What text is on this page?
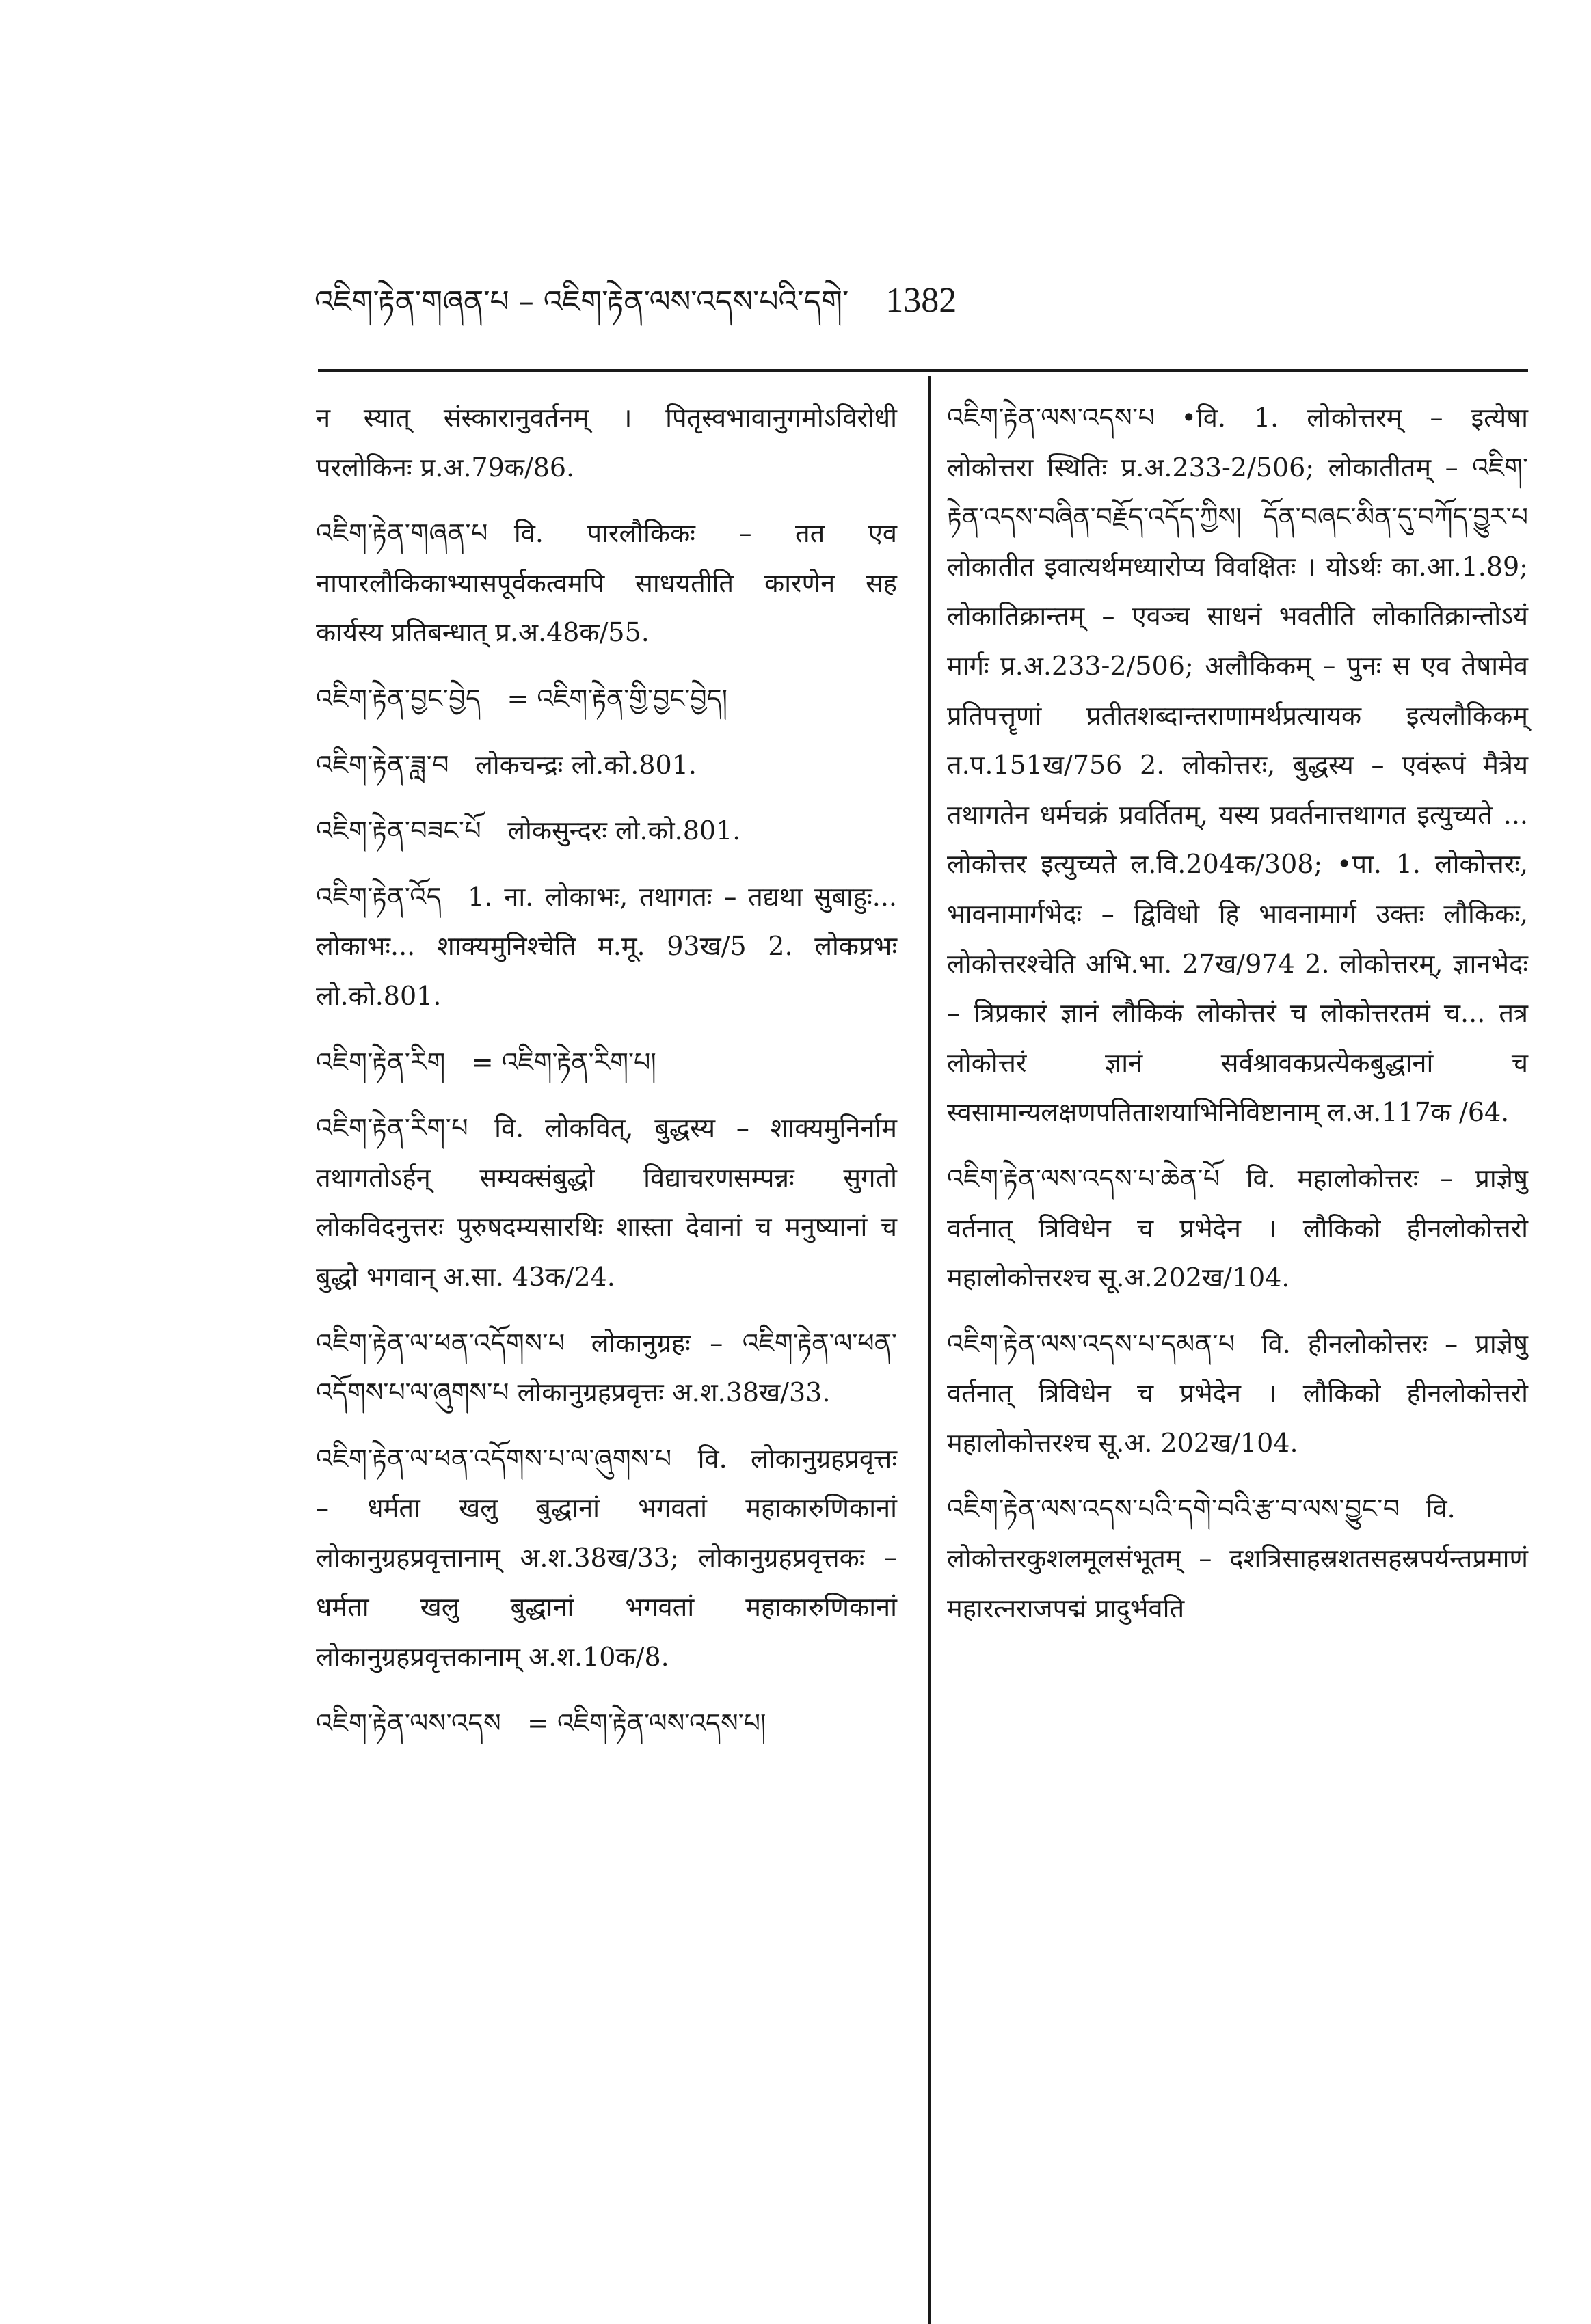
འཇིག་རྟེན་གཞན་པ – འཇིག་རྟེན་ལས་འདས་པའི་དགེ་ 1382

न स्यात् संस्कारानुवर्तनम् । पितृस्वभावानुगमोऽविरोधी परलोकिनः प्र.अ.79क/86.

འཇིག་རྟེན་གཞན་པ  वि. पारलौकिकः – तत एव नापारलौकिकाभ्यासपूर्वकत्वमपि साधयतीति कारणेन सह कार्यस्य प्रतिबन्धात् प्र.अ.48क/55.

འཇིག་རྟེན་བྱང་བྱེད  = འཇིག་རྟེན་གྱི་བྱང་བྱེད།

འཇིག་རྟེན་ཟླ་བ  लोकचन्द्रः लो.को.801.

འཇིག་རྟེན་བཟང་པོ  लोकसुन्दरः लो.को.801.

འཇིག་རྟེན་འོད  1. ना. लोकाभः, तथागतः – तद्यथा सुबाहुः... लोकाभः... शाक्यमुनिश्चेति म.मू. 93ख/5 2. लोकप्रभः लो.को.801.

འཇིག་རྟེན་རིག  = འཇིག་རྟེན་རིག་པ།

འཇིག་རྟེན་རིག་པ  वि. लोकवित्, बुद्धस्य – शाक्यमुनिर्नाम तथागतोऽर्हन् सम्यक्संबुद्धो विद्याचरणसम्पन्नः सुगतो लोकविदनुत्तरः पुरुषदम्यसारथिः शास्ता देवानां च मनुष्यानां च बुद्धो भगवान् अ.सा. 43क/24.

འཇིག་རྟེན་ལ་ཕན་འདོགས་པ  लोकानुग्रहः – འཇིག་རྟེན་ལ་ཕན་འདོགས་པ་ལ་ཞུགས་པ लोकानुग्रहप्रवृत्तः अ.श.38ख/33.

འཇིག་རྟེན་ལ་ཕན་འདོགས་པ་ལ་ཞུགས་པ  वि. लोकानुग्रहप्रवृत्तः – धर्मता खलु बुद्धानां भगवतां महाकारुणिकानां लोकानुग्रहप्रवृत्तानाम् अ.श.38ख/33; लोकानुग्रहप्रवृत्तकः – धर्मता खलु बुद्धानां भगवतां महाकारुणिकानां लोकानुग्रहप्रवृत्तकानाम् अ.श.10क/8.

འཇིག་རྟེན་ལས་འདས  = འཇིག་རྟེན་ལས་འདས་པ།

འཇིག་རྟེན་ལས་འདས་པ  •वि. 1. लोकोत्तरम् – इत्येषा लोकोत्तरा स्थितिः प्र.अ.233-2/506; लोकातीतम् – འཇིག་རྟེན་འདས་བཞིན་བརྗོད་འདོད་ཀྱིས། དོན་བཞང་མིན་དུ་བཀོད་བྱུར་པ लोकातीत इवात्यर्थमध्यारोप्य विवक्षितः । योऽर्थः का.आ.1.89; लोकातिक्रान्तम् – एवञ्च साधनं भवतीति लोकातिक्रान्तोऽयं मार्गः प्र.अ.233-2/506; अलौकिकम् – पुनः स एव तेषामेव प्रतिपत्तॄणां प्रतीतशब्दान्तराणामर्थप्रत्यायक इत्यलौकिकम् त.प.151ख/756 2. लोकोत्तरः, बुद्धस्य – एवंरूपं मैत्रेय तथागतेन धर्मचक्रं प्रवर्तितम्, यस्य प्रवर्तनात्तथागत इत्युच्यते ... लोकोत्तर इत्युच्यते ल.वि.204क/308; •पा. 1. लोकोत्तरः, भावनामार्गभेदः – द्विविधो हि भावनामार्ग उक्तः लौकिकः, लोकोत्तरश्चेति अभि.भा. 27ख/974 2. लोकोत्तरम्, ज्ञानभेदः – त्रिप्रकारं ज्ञानं लौकिकं लोकोत्तरं च लोकोत्तरतमं च... तत्र लोकोत्तरं ज्ञानं सर्वश्रावकप्रत्येकबुद्धानां च स्वसामान्यलक्षणपतिताशयाभिनिविष्टानाम् ल.अ.117क /64.

འཇིག་རྟེན་ལས་འདས་པ་ཆེན་པོ  वि. महालोकोत्तरः – प्राज्ञेषु वर्तनात् त्रिविधेन च प्रभेदेन । लौकिको हीनलोकोत्तरो महालोकोत्तरश्च सू.अ.202ख/104.

འཇིག་རྟེན་ལས་འདས་པ་དམན་པ  वि. हीनलोकोत्तरः – प्राज्ञेषु वर्तनात् त्रिविधेन च प्रभेदेन । लौकिको हीनलोकोत्तरो महालोकोत्तरश्च सू.अ. 202ख/104.

འཇིག་རྟེན་ལས་འདས་པའི་དགེ་བའི་རྩ་བ་ལས་བྱུང་བ  वि. लोकोत्तरकुशलमूलसंभूतम् – दशत्रिसाहस्रशतसहस्रपर्यन्तप्रमाणं महारत्नराजपद्मं प्रादुर्भवति
